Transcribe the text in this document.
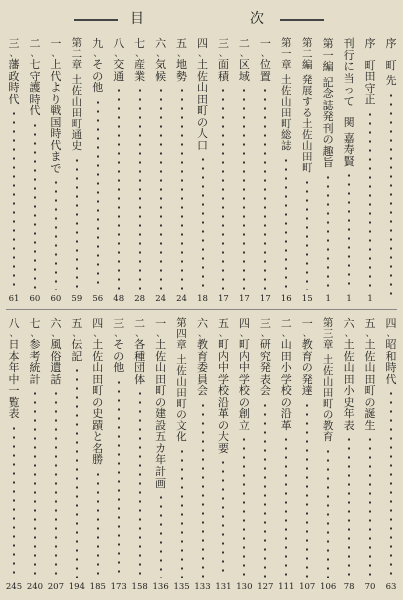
目	次
序
町

先
序
町
田
守
正
1
刊
行
に
当
っ
て
関

嘉
寿
賢
1
第
一
編

記
念
誌
発
刊
の
趣
旨
1
第
二
編

発
展
す
る
土
佐
山
田
町
15
第
一
章

土
佐
山
田
町
総
誌
16
一
、
位
置
17
二
、
区
域
17
三
、
面
積
17
四
、
土
佐
山
田
町
の
人
口
18
五
、
地
勢
24
六
、
気
候
24
七
、
産
業
28
八
、
交
通
48
九
、
そ
の
他
56
第
二
章

土
佐
山
田
町
通
史
59
一
、
上
代
よ
り
戦
国
時
代
ま
で
60
二
、
七
守
護
時
代
60
三
、
藩
政
時
代
61
四
、
昭
和
時
代
63
五
、
土
佐
山
田
町
の
誕
生
70
六
、
土
佐
山
田
小
史
年
表
78
第
三
章

土
佐
山
田
町
の
教
育
106
一
、
教
育
の
発
達
107
二
、
山
田
小
学
校
の
沿
革
111
三
、
研
究
発
表
会
127
四
、
町
内
中
学
校
の
創
立
130
五
、
町
内
中
学
校
沿
革
の
大
要
131
六
、
教
育
委
員
会
133
第
四
章

土
佐
山
田
町
の
文
化
135
一
、
土
佐
山
田
町
の
建
設
五
カ
年
計
画
136
二
、
各
種
団
体
158
三
、
そ
の
他
173
四
、
土
佐
山
田
町
の
史
蹟
と
名
勝
185
五
、
伝
記
194
六
、
風
俗
遺
話
207
七
、
参
考
統
計
240
八
、
日
本
年
中
一
覧
表
245
